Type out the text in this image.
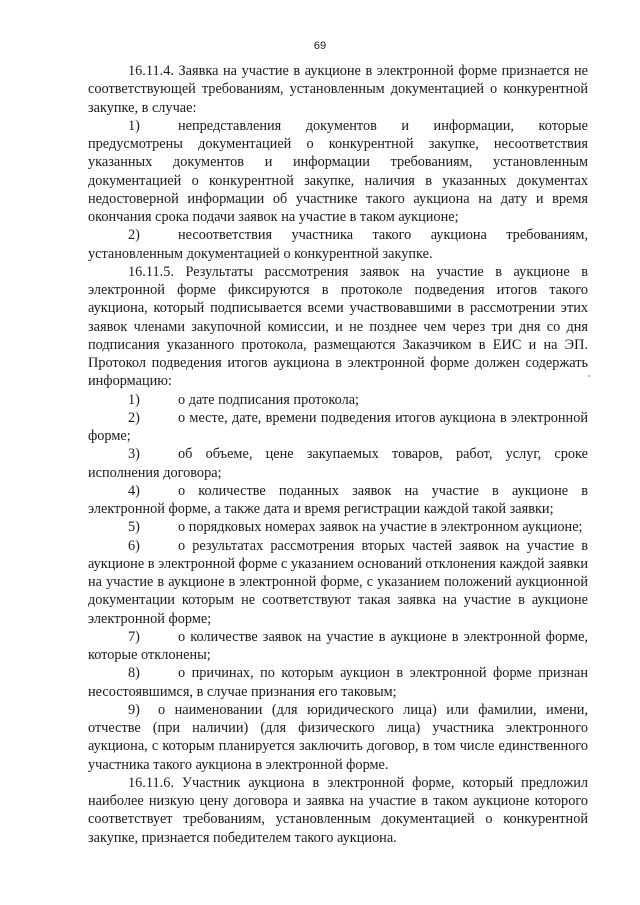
69

16.11.4. Заявка на участие в аукционе в электронной форме признается не соответствующей требованиям, установленным документацией о конкурентной закупке, в случае:

1)	непредставления документов и информации, которые предусмотрены документацией о конкурентной закупке, несоответствия указанных документов и информации требованиям, установленным документацией о конкурентной закупке, наличия в указанных документах недостоверной информации об участнике такого аукциона на дату и время окончания срока подачи заявок на участие в таком аукционе;

2)	несоответствия участника такого аукциона требованиям, установленным документацией о конкурентной закупке.

16.11.5. Результаты рассмотрения заявок на участие в аукционе в электронной форме фиксируются в протоколе подведения итогов такого аукциона, который подписывается всеми участвовавшими в рассмотрении этих заявок членами закупочной комиссии, и не позднее чем через три дня со дня подписания указанного протокола, размещаются Заказчиком в ЕИС и на ЭП. Протокол подведения итогов аукциона в электронной форме должен содержать информацию:

1)	о дате подписания протокола;

2)	о месте, дате, времени подведения итогов аукциона в электронной форме;

3)	об объеме, цене закупаемых товаров, работ, услуг, сроке исполнения договора;

4)	о количестве поданных заявок на участие в аукционе в электронной форме, а также дата и время регистрации каждой такой заявки;

5)	о порядковых номерах заявок на участие в электронном аукционе;

6)	о результатах рассмотрения вторых частей заявок на участие в аукционе в электронной форме с указанием оснований отклонения каждой заявки на участие в аукционе в электронной форме, с указанием положений аукционной документации которым не соответствуют такая заявка на участие в аукционе электронной форме;

7)	о количестве заявок на участие в аукционе в электронной форме, которые отклонены;

8)	о причинах, по которым аукцион в электронной форме признан несостоявшимся, в случае признания его таковым;

9) о наименовании (для юридического лица) или фамилии, имени, отчестве (при наличии) (для физического лица) участника электронного аукциона, с которым планируется заключить договор, в том числе единственного участника такого аукциона в электронной форме.

16.11.6. Участник аукциона в электронной форме, который предложил наиболее низкую цену договора и заявка на участие в таком аукционе которого соответствует требованиям, установленным документацией о конкурентной закупке, признается победителем такого аукциона.
